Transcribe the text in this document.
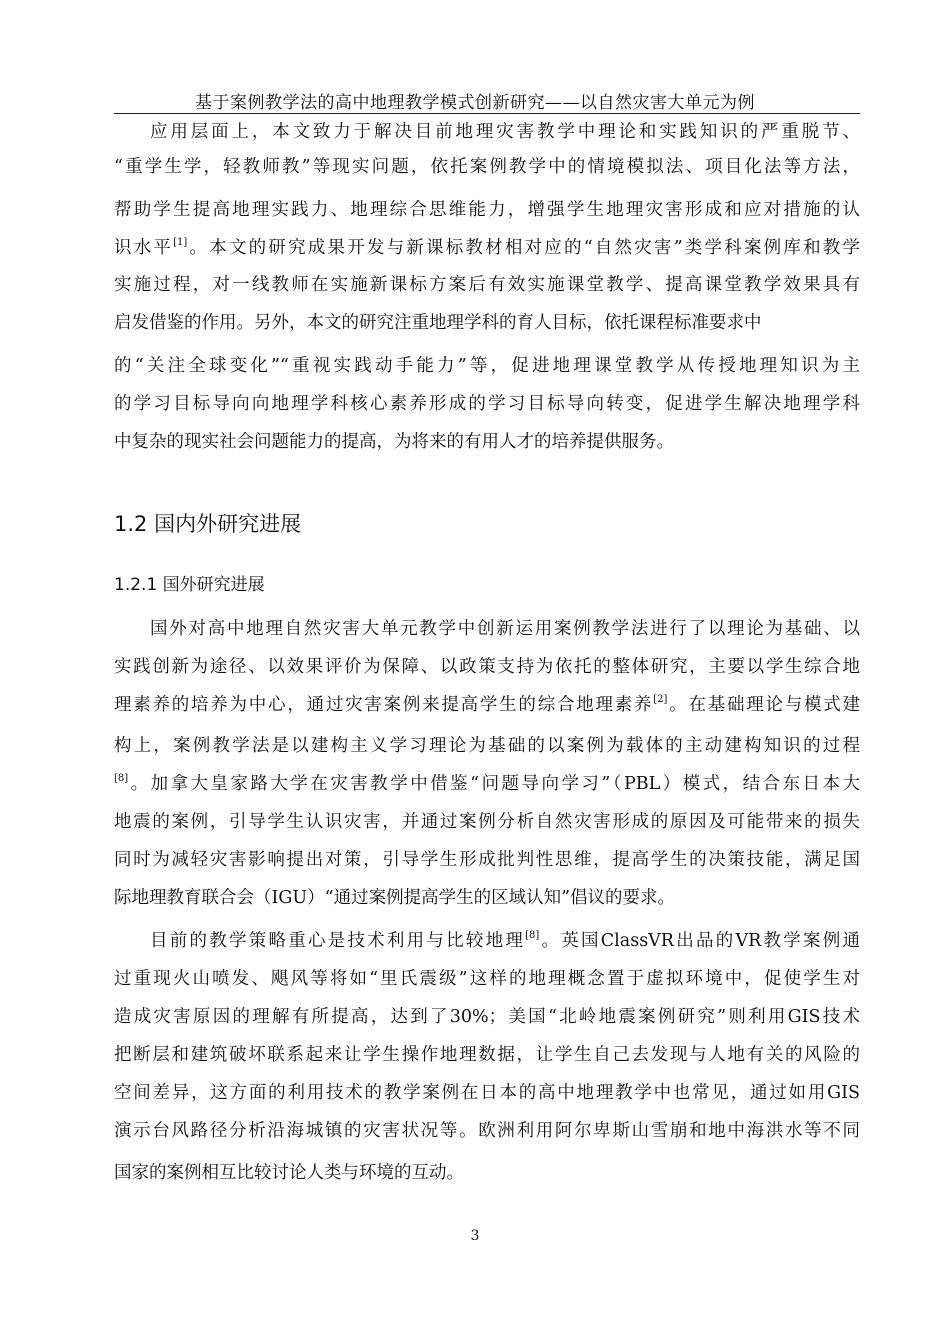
基于案例教学法的高中地理教学模式创新研究——以自然灾害大单元为例
应用层面上，本文致力于解决目前地理灾害教学中理论和实践知识的严重脱节、
“重学生学，轻教师教”等现实问题，依托案例教学中的情境模拟法、项目化法等方法，
帮助学生提高地理实践力、地理综合思维能力，增强学生地理灾害形成和应对措施的认
识水平[1]。本文的研究成果开发与新课标教材相对应的“自然灾害”类学科案例库和教学
实施过程，对一线教师在实施新课标方案后有效实施课堂教学、提高课堂教学效果具有
启发借鉴的作用。另外，本文的研究注重地理学科的育人目标，依托课程标准要求中
的“关注全球变化”“重视实践动手能力”等，促进地理课堂教学从传授地理知识为主
的学习目标导向向地理学科核心素养形成的学习目标导向转变，促进学生解决地理学科
中复杂的现实社会问题能力的提高，为将来的有用人才的培养提供服务。
1.2 国内外研究进展
1.2.1 国外研究进展
国外对高中地理自然灾害大单元教学中创新运用案例教学法进行了以理论为基础、以
实践创新为途径、以效果评价为保障、以政策支持为依托的整体研究，主要以学生综合地
理素养的培养为中心，通过灾害案例来提高学生的综合地理素养[2]。在基础理论与模式建
构上，案例教学法是以建构主义学习理论为基础的以案例为载体的主动建构知识的过程
[8]。加拿大皇家路大学在灾害教学中借鉴“问题导向学习”（PBL）模式，结合东日本大
地震的案例，引导学生认识灾害，并通过案例分析自然灾害形成的原因及可能带来的损失
同时为减轻灾害影响提出对策，引导学生形成批判性思维，提高学生的决策技能，满足国
际地理教育联合会（IGU）“通过案例提高学生的区域认知”倡议的要求。
目前的教学策略重心是技术利用与比较地理[8]。英国ClassVR出品的VR教学案例通
过重现火山喷发、飓风等将如“里氏震级”这样的地理概念置于虚拟环境中，促使学生对
造成灾害原因的理解有所提高，达到了30%；美国“北岭地震案例研究”则利用GIS技术
把断层和建筑破坏联系起来让学生操作地理数据，让学生自己去发现与人地有关的风险的
空间差异，这方面的利用技术的教学案例在日本的高中地理教学中也常见，通过如用GIS
演示台风路径分析沿海城镇的灾害状况等。欧洲利用阿尔卑斯山雪崩和地中海洪水等不同
国家的案例相互比较讨论人类与环境的互动。
3
